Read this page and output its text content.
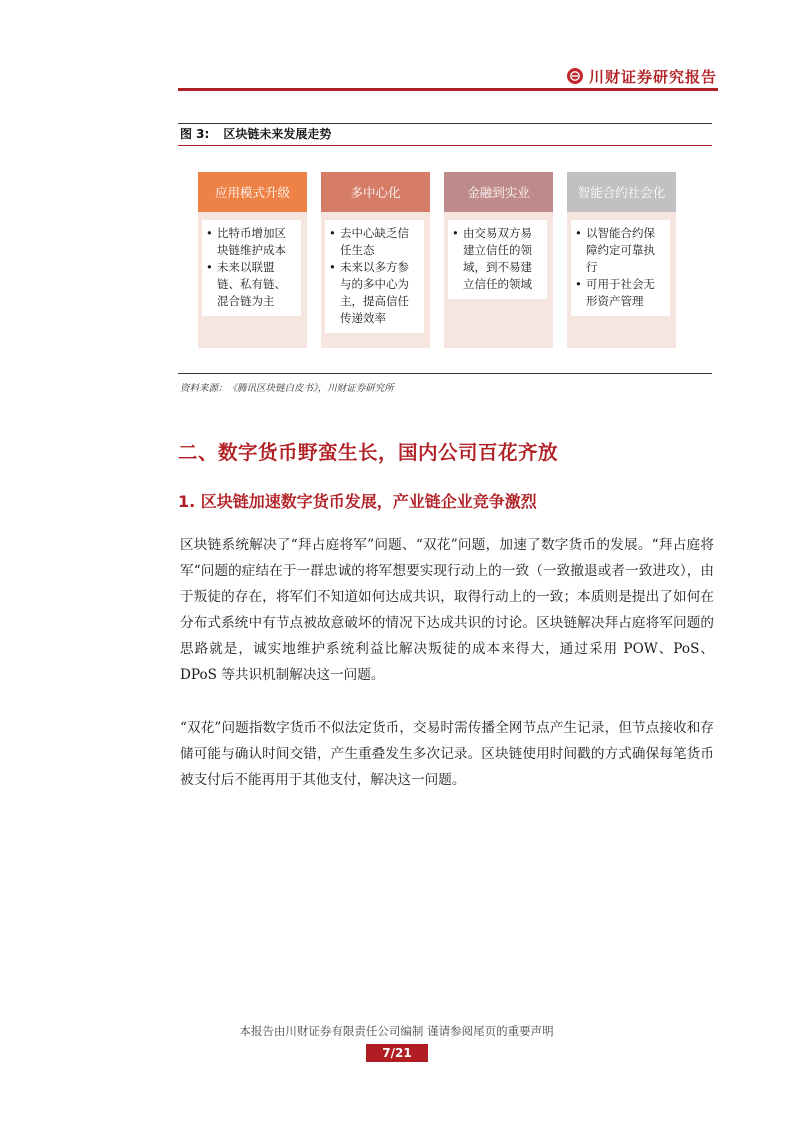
川财证券研究报告
图 3: 区块链未来发展走势
应用模式升级
• 比特币增加区块链维护成本
• 未来以联盟链、私有链、混合链为主
多中心化
• 去中心缺乏信任生态
• 未来以多方参与的多中心为主，提高信任传递效率
金融到实业
• 由交易双方易建立信任的领域，到不易建立信任的领域
智能合约社会化
• 以智能合约保障约定可靠执行
• 可用于社会无形资产管理
资料来源：《腾讯区块链白皮书》，川财证券研究所
二、数字货币野蛮生长，国内公司百花齐放
1. 区块链加速数字货币发展，产业链企业竞争激烈

区块链系统解决了“拜占庭将军”问题、“双花”问题，加速了数字货币的发展。“拜占庭将军“问题的症结在于一群忠诚的将军想要实现行动上的一致（一致撤退或者一致进攻），由于叛徒的存在，将军们不知道如何达成共识，取得行动上的一致；本质则是提出了如何在分布式系统中有节点被故意破坏的情况下达成共识的讨论。区块链解决拜占庭将军问题的思路就是，诚实地维护系统利益比解决叛徒的成本来得大，通过采用 POW、PoS、DPoS 等共识机制解决这一问题。

“双花”问题指数字货币不似法定货币，交易时需传播全网节点产生记录，但节点接收和存储可能与确认时间交错，产生重叠发生多次记录。区块链使用时间戳的方式确保每笔货币被支付后不能再用于其他支付，解决这一问题。

本报告由川财证券有限责任公司编制 谨请参阅尾页的重要声明
7/21
